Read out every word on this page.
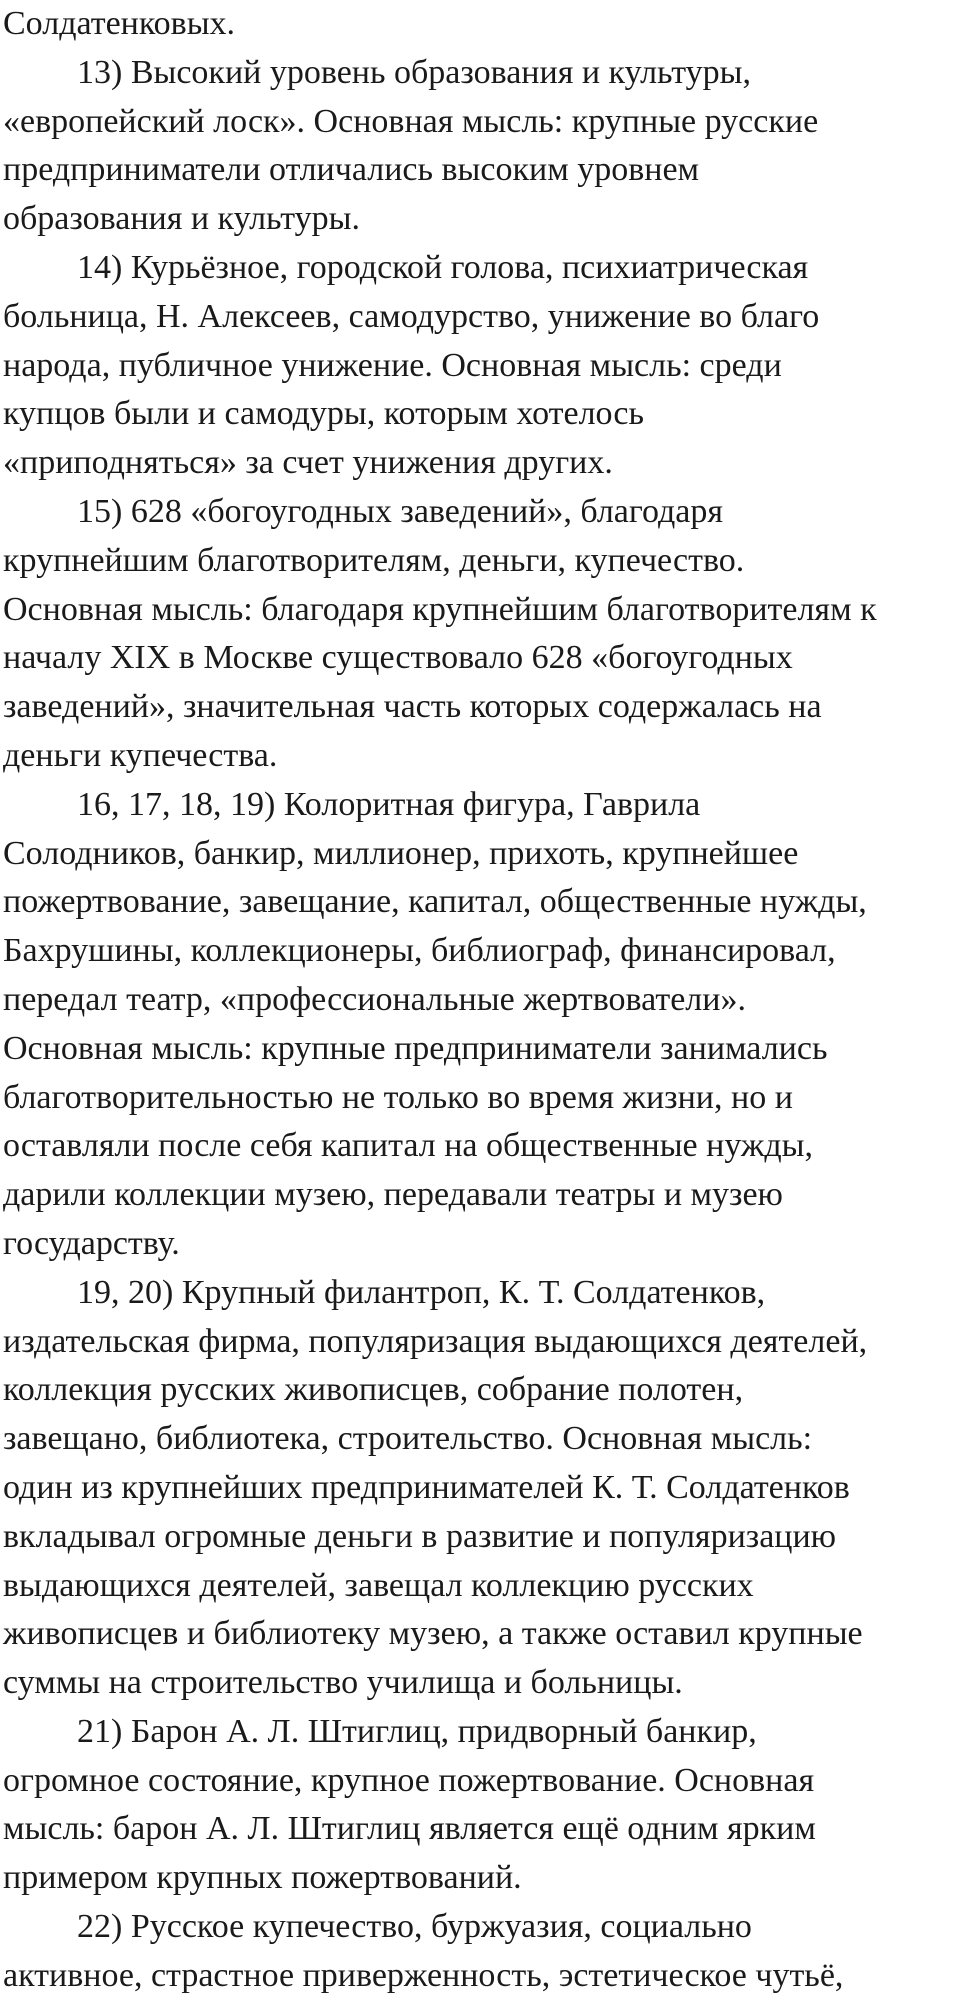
Солдатенковых.
13) Высокий уровень образования и культуры,
«европейский лоск». Основная мысль: крупные русские
предприниматели отличались высоким уровнем
образования и культуры.
14) Курьёзное, городской голова, психиатрическая
больница, Н. Алексеев, самодурство, унижение во благо
народа, публичное унижение. Основная мысль: среди
купцов были и самодуры, которым хотелось
«приподняться» за счет унижения других.
15) 628 «богоугодных заведений», благодаря
крупнейшим благотворителям, деньги, купечество.
Основная мысль: благодаря крупнейшим благотворителям к
началу XIX в Москве существовало 628 «богоугодных
заведений», значительная часть которых содержалась на
деньги купечества.
16, 17, 18, 19) Колоритная фигура, Гаврила
Солодников, банкир, миллионер, прихоть, крупнейшее
пожертвование, завещание, капитал, общественные нужды,
Бахрушины, коллекционеры, библиограф, финансировал,
передал театр, «профессиональные жертвователи».
Основная мысль: крупные предприниматели занимались
благотворительностью не только во время жизни, но и
оставляли после себя капитал на общественные нужды,
дарили коллекции музею, передавали театры и музею
государству.
19, 20) Крупный филантроп, К. Т. Солдатенков,
издательская фирма, популяризация выдающихся деятелей,
коллекция русских живописцев, собрание полотен,
завещано, библиотека, строительство. Основная мысль:
один из крупнейших предпринимателей К. Т. Солдатенков
вкладывал огромные деньги в развитие и популяризацию
выдающихся деятелей, завещал коллекцию русских
живописцев и библиотеку музею, а также оставил крупные
суммы на строительство училища и больницы.
21) Барон А. Л. Штиглиц, придворный банкир,
огромное состояние, крупное пожертвование. Основная
мысль: барон А. Л. Штиглиц является ещё одним ярким
примером крупных пожертвований.
22) Русское купечество, буржуазия, социально
активное, страстное приверженность, эстетическое чутьё,
